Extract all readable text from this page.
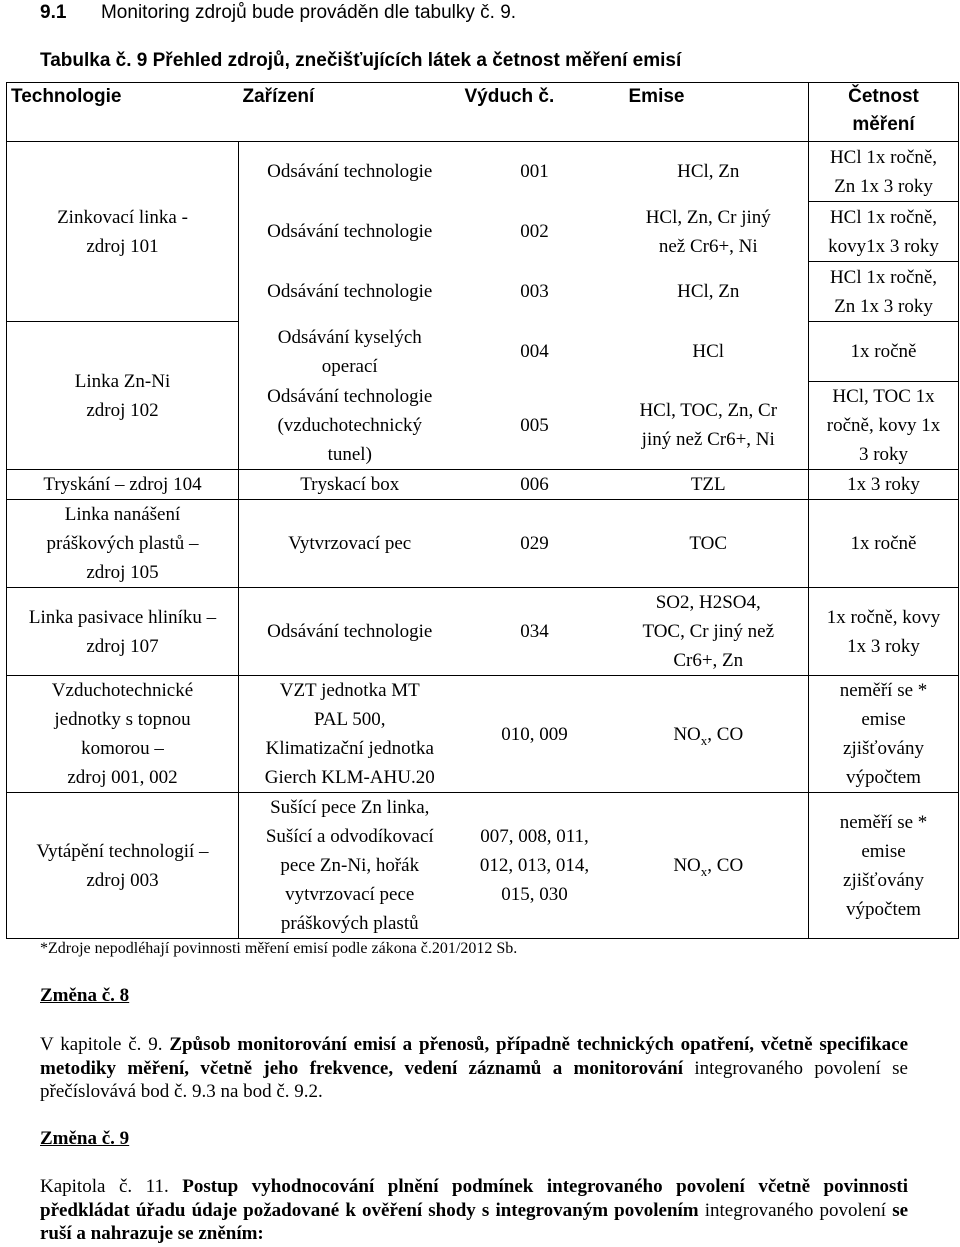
9.1 Monitoring zdrojů bude prováděn dle tabulky č. 9.
Tabulka č. 9 Přehled zdrojů, znečišťujících látek a četnost měření emisí
Technologie	Zařízení	Výduch č.	Emise	Četnost
měření
Zinkovací linka -
zdroj 101	Odsávání technologie	001	HCl, Zn	HCl 1x ročně,
Zn 1x 3 roky
	Odsávání technologie	002	HCl, Zn, Cr jiný
než Cr6+, Ni	HCl 1x ročně,
kovy1x 3 roky
	Odsávání technologie	003	HCl, Zn	HCl 1x ročně,
Zn 1x 3 roky
Linka Zn-Ni
zdroj 102	Odsávání kyselých
operací	004	HCl	1x ročně
	Odsávání technologie
(vzduchotechnický
tunel)	005	HCl, TOC, Zn, Cr
jiný než Cr6+, Ni	HCl, TOC 1x
ročně, kovy 1x
3 roky
Tryskání – zdroj 104	Tryskací box	006	TZL	1x 3 roky
Linka nanášení
práškových plastů –
zdroj 105	Vytvrzovací pec	029	TOC	1x ročně
Linka pasivace hliníku –
zdroj 107	Odsávání technologie	034	SO2, H2SO4,
TOC, Cr jiný než
Cr6+, Zn	1x ročně, kovy
1x 3 roky
Vzduchotechnické
jednotky s topnou
komorou –
zdroj 001, 002	VZT jednotka MT
PAL 500,
Klimatizační jednotka
Gierch KLM-AHU.20	010, 009	$NO_x$, CO	neměří se *
emise
zjišťovány
výpočtem
Vytápění technologií –
zdroj 003	Sušící pece Zn linka,
Sušící a odvodíkovací
pece Zn-Ni, hořák
vytvrzovací pece
práškových plastů	007, 008, 011,
012, 013, 014,
015, 030	$NO_x$, CO	neměří se *
emise
zjišťovány
výpočtem
*Zdroje nepodléhají povinnosti měření emisí podle zákona č.201/2012 Sb.
Změna č. 8
V kapitole č. 9. Způsob monitorování emisí a přenosů, případně technických opatření, včetně specifikace metodiky měření, včetně jeho frekvence, vedení záznamů a monitorování integrovaného povolení se přečíslovává bod č. 9.3 na bod č. 9.2.
Změna č. 9
Kapitola č. 11. Postup vyhodnocování plnění podmínek integrovaného povolení včetně povinnosti předkládat úřadu údaje požadované k ověření shody s integrovaným povolením integrovaného povolení se ruší a nahrazuje se zněním:
